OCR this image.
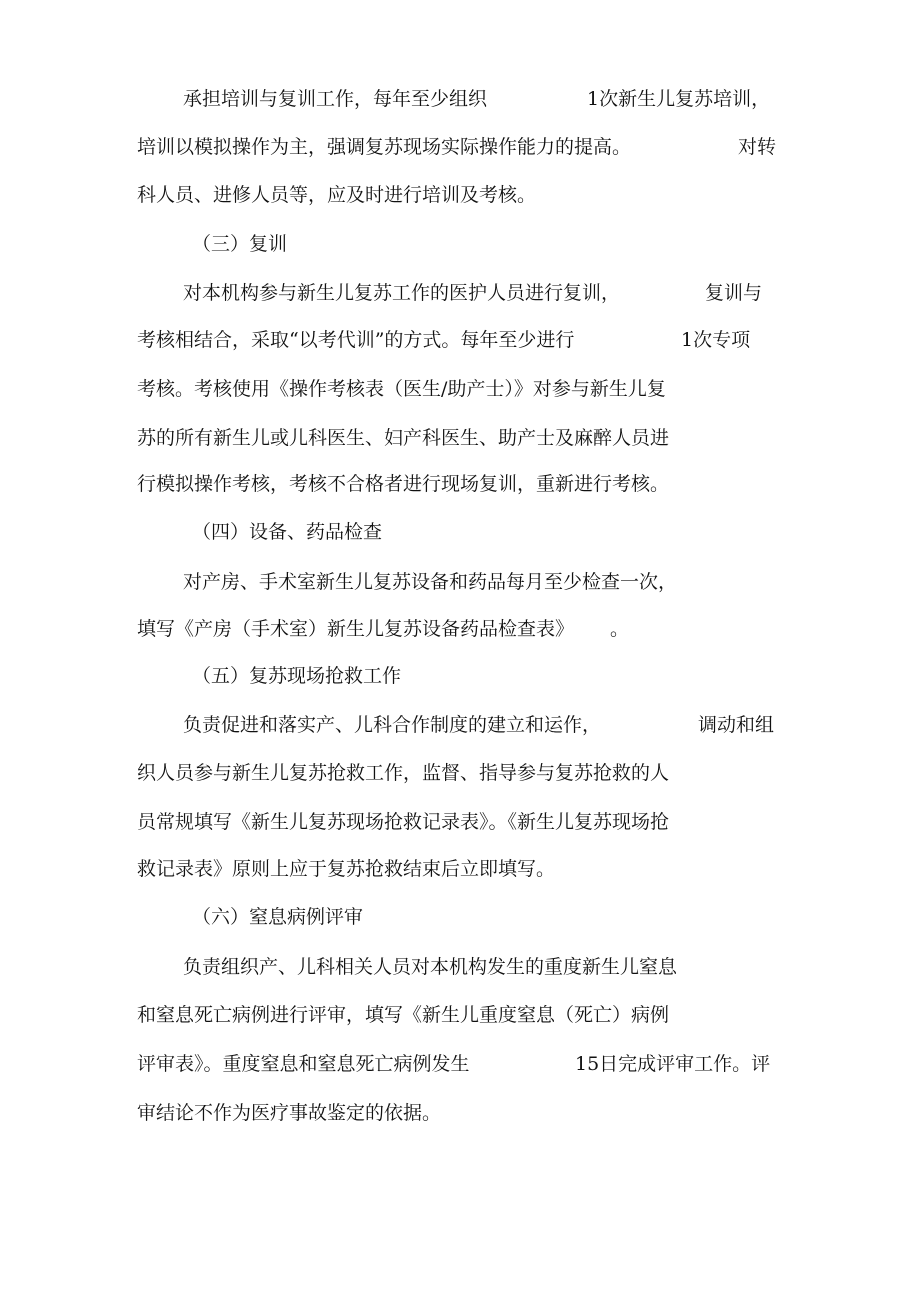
承担培训与复训工作，每年至少组织	1次新生儿复苏培训，
培训以模拟操作为主，强调复苏现场实际操作能力的提高。	对转
科人员、进修人员等，应及时进行培训及考核。
（三）复训
对本机构参与新生儿复苏工作的医护人员进行复训，	复训与
考核相结合，采取“以考代训”的方式。每年至少进行	1次专项
考核。考核使用《操作考核表（医生/助产士）》对参与新生儿复
苏的所有新生儿或儿科医生、妇产科医生、助产士及麻醉人员进
行模拟操作考核，考核不合格者进行现场复训，重新进行考核。
（四）设备、药品检查
对产房、手术室新生儿复苏设备和药品每月至少检查一次，
填写《产房（手术室）新生儿复苏设备药品检查表》 。
（五）复苏现场抢救工作
负责促进和落实产、儿科合作制度的建立和运作，	调动和组
织人员参与新生儿复苏抢救工作，监督、指导参与复苏抢救的人
员常规填写《新生儿复苏现场抢救记录表》。《新生儿复苏现场抢
救记录表》原则上应于复苏抢救结束后立即填写。
（六）窒息病例评审
负责组织产、儿科相关人员对本机构发生的重度新生儿窒息
和窒息死亡病例进行评审，填写《新生儿重度窒息（死亡）病例
评审表》。重度窒息和窒息死亡病例发生	15日完成评审工作。评
审结论不作为医疗事故鉴定的依据。
